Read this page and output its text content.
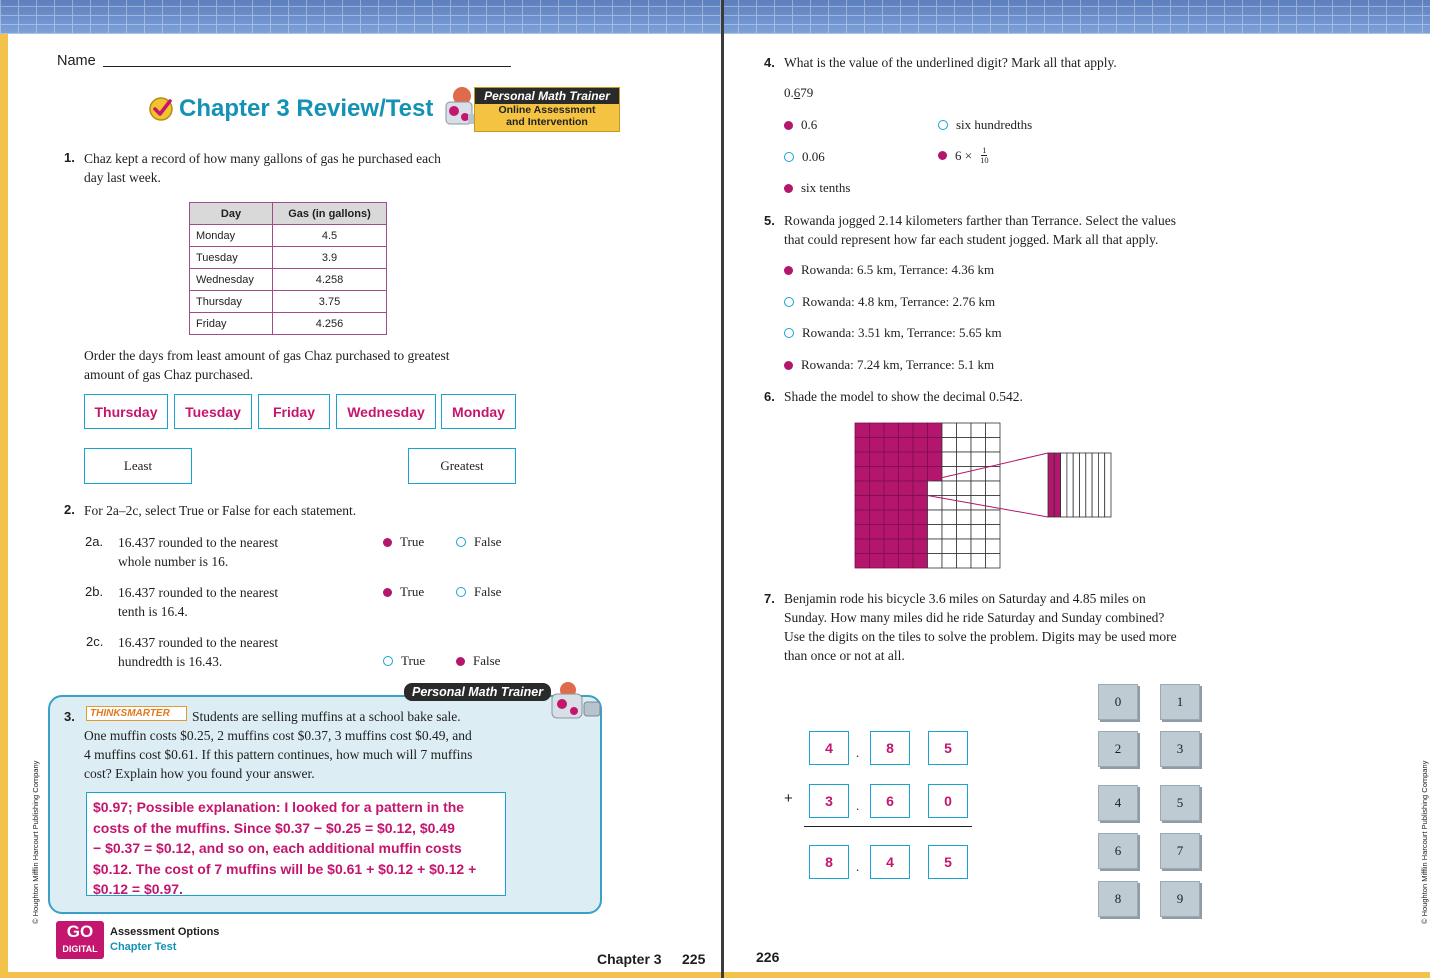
Name
Chapter 3 Review/Test	Personal Math Trainer
Online Assessment
and Intervention
1. Chaz kept a record of how many gallons of gas he purchased each
day last week.
Day	Gas (in gallons)
Monday	4.5
Tuesday	3.9
Wednesday	4.258
Thursday	3.75
Friday	4.256
Order the days from least amount of gas Chaz purchased to greatest
amount of gas Chaz purchased.
Thursday	Tuesday	Friday	Wednesday	Monday
Least	Greatest
2. For 2a–2c, select True or False for each statement.
2a. 16.437 rounded to the nearest
whole number is 16.
True	False
2b. 16.437 rounded to the nearest
tenth is 16.4.
True	False
2c. 16.437 rounded to the nearest
hundredth is 16.43.	True	False
Personal Math Trainer
3.	THINKSMARTER	Students are selling muffins at a school bake sale.
One muffin costs $0.25, 2 muffins cost $0.37, 3 muffins cost $0.49, and
4 muffins cost $0.61. If this pattern continues, how much will 7 muffins
cost? Explain how you found your answer.
$0.97; Possible explanation: I looked for a pattern in the
costs of the muffins. Since $0.37 − $0.25 = $0.12, $0.49
− $0.37 = $0.12, and so on, each additional muffin costs
$0.12. The cost of 7 muffins will be $0.61 + $0.12 + $0.12 +
$0.12 = $0.97.
GO
DIGITAL
Assessment Options
Chapter Test
Chapter 3 225
© Houghton Mifflin Harcourt Publishing Company
4. What is the value of the underlined digit? Mark all that apply.
0.679
0.6	six hundredths
0.06	$6 \times \frac{1}{10}$
six tenths
5. Rowanda jogged 2.14 kilometers farther than Terrance. Select the values
that could represent how far each student jogged. Mark all that apply.
Rowanda: 6.5 km, Terrance: 4.36 km
Rowanda: 4.8 km, Terrance: 2.76 km
Rowanda: 3.51 km, Terrance: 5.65 km
Rowanda: 7.24 km, Terrance: 5.1 km
6. Shade the model to show the decimal 0.542.
7. Benjamin rode his bicycle 3.6 miles on Saturday and 4.85 miles on
Sunday. How many miles did he ride Saturday and Sunday combined?
Use the digits on the tiles to solve the problem. Digits may be used more
than once or not at all.
4	.	8	5
+	3	.	6	0
8	.	4	5
0	1
2	3
4	5
6	7
8	9
226
© Houghton Mifflin Harcourt Publishing Company
